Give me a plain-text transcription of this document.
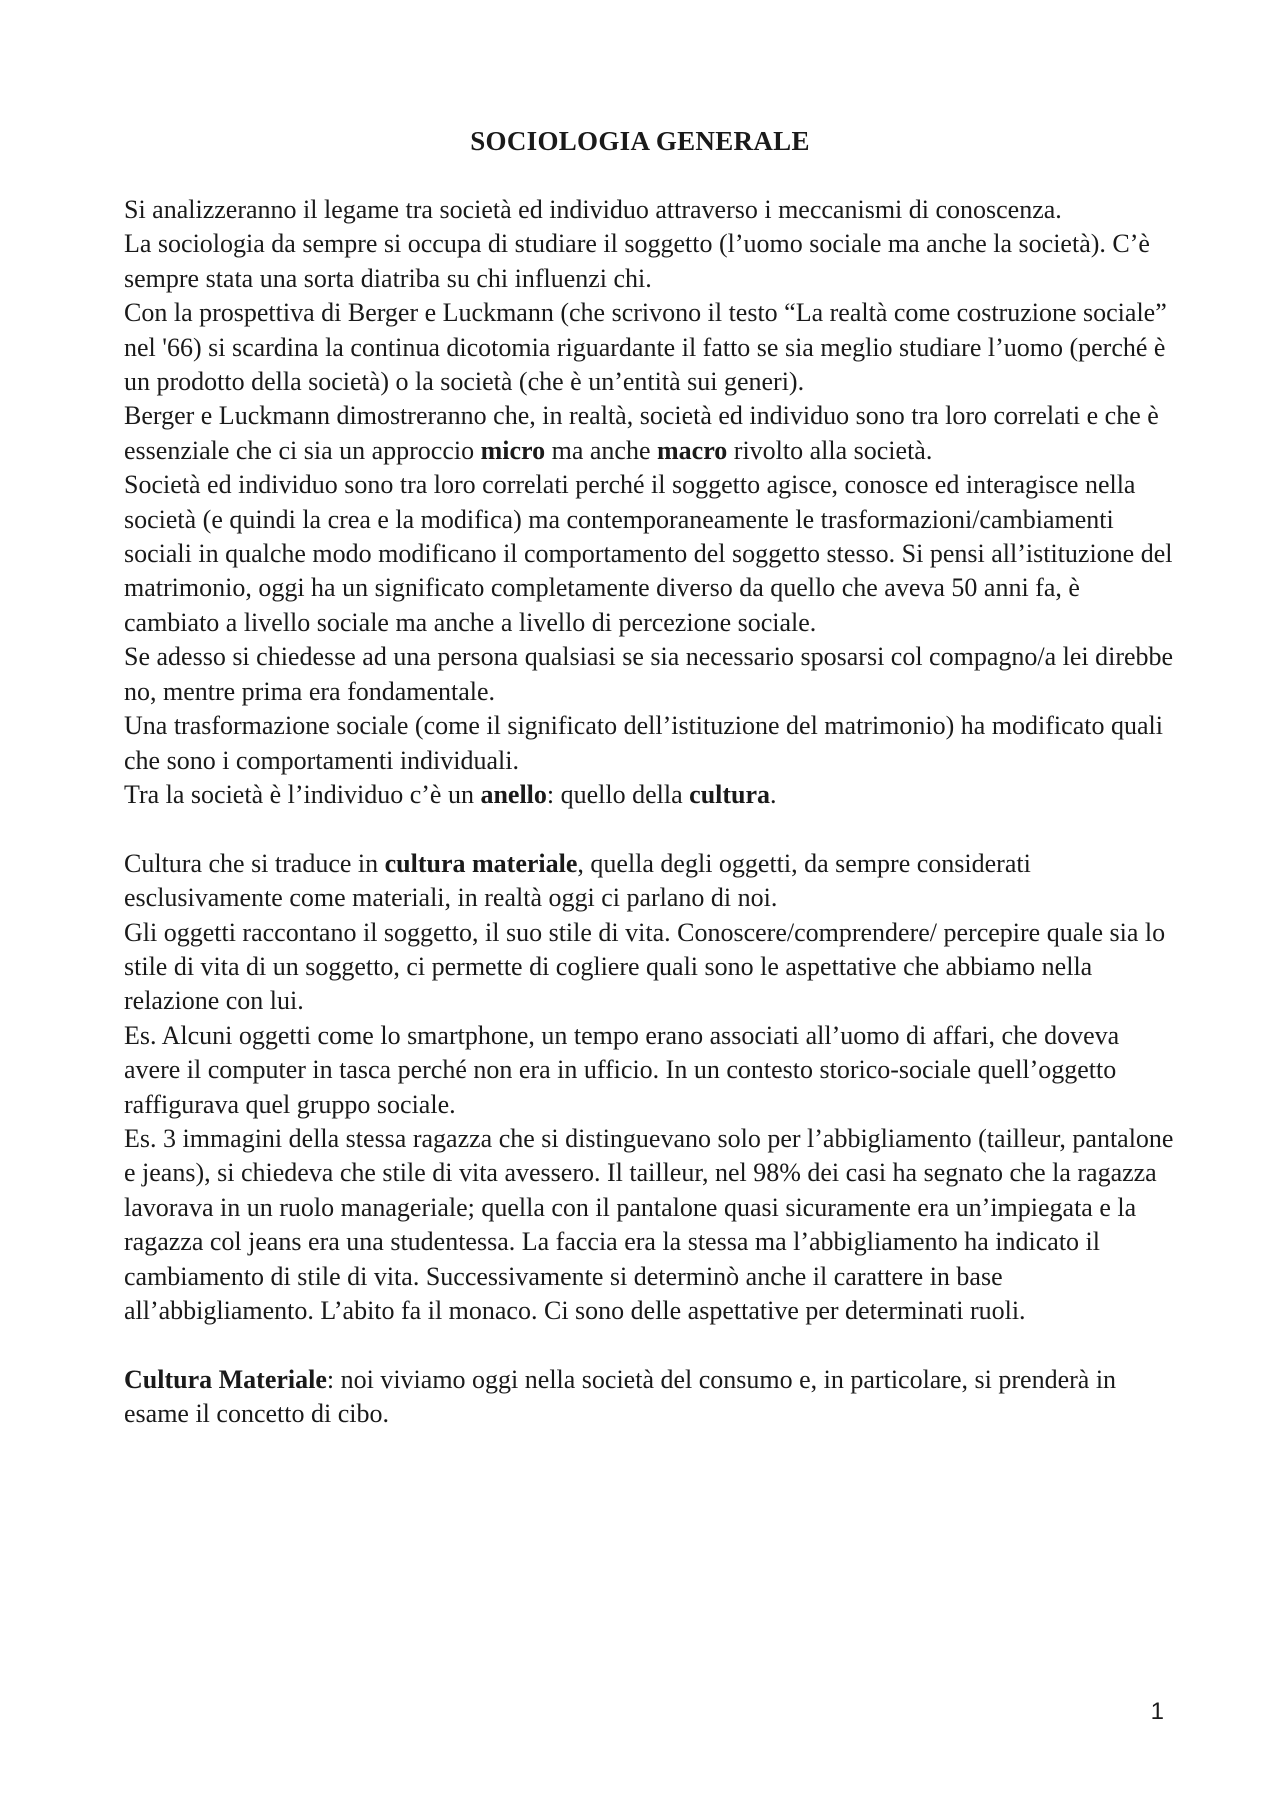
SOCIOLOGIA GENERALE

Si analizzeranno il legame tra società ed individuo attraverso i meccanismi di conoscenza.

La sociologia da sempre si occupa di studiare il soggetto (l’uomo sociale ma anche la società). C’è sempre stata una sorta diatriba su chi influenzi chi.

Con la prospettiva di Berger e Luckmann (che scrivono il testo “La realtà come costruzione sociale” nel '66) si scardina la continua dicotomia riguardante il fatto se sia meglio studiare l’uomo (perché è un prodotto della società) o la società (che è un’entità sui generi).

Berger e Luckmann dimostreranno che, in realtà, società ed individuo sono tra loro correlati e che è essenziale che ci sia un approccio micro ma anche macro rivolto alla società.

Società ed individuo sono tra loro correlati perché il soggetto agisce, conosce ed interagisce nella società (e quindi la crea e la modifica) ma contemporaneamente le trasformazioni/cambiamenti sociali in qualche modo modificano il comportamento del soggetto stesso. Si pensi all’istituzione del matrimonio, oggi ha un significato completamente diverso da quello che aveva 50 anni fa, è cambiato a livello sociale ma anche a livello di percezione sociale.

Se adesso si chiedesse ad una persona qualsiasi se sia necessario sposarsi col compagno/a lei direbbe no, mentre prima era fondamentale.

Una trasformazione sociale (come il significato dell’istituzione del matrimonio) ha modificato quali che sono i comportamenti individuali.

Tra la società è l’individuo c’è un anello: quello della cultura.

Cultura che si traduce in cultura materiale, quella degli oggetti, da sempre considerati esclusivamente come materiali, in realtà oggi ci parlano di noi.

Gli oggetti raccontano il soggetto, il suo stile di vita. Conoscere/comprendere/ percepire quale sia lo stile di vita di un soggetto, ci permette di cogliere quali sono le aspettative che abbiamo nella relazione con lui.

Es. Alcuni oggetti come lo smartphone, un tempo erano associati all’uomo di affari, che doveva avere il computer in tasca perché non era in ufficio. In un contesto storico-sociale quell’oggetto raffigurava quel gruppo sociale.

Es. 3 immagini della stessa ragazza che si distinguevano solo per l’abbigliamento (tailleur, pantalone e jeans), si chiedeva che stile di vita avessero. Il tailleur, nel 98% dei casi ha segnato che la ragazza lavorava in un ruolo manageriale; quella con il pantalone quasi sicuramente era un’impiegata e la ragazza col jeans era una studentessa. La faccia era la stessa ma l’abbigliamento ha indicato il cambiamento di stile di vita. Successivamente si determinò anche il carattere in base all’abbigliamento. L’abito fa il monaco. Ci sono delle aspettative per determinati ruoli.

Cultura Materiale: noi viviamo oggi nella società del consumo e, in particolare, si prenderà in esame il concetto di cibo.

1
